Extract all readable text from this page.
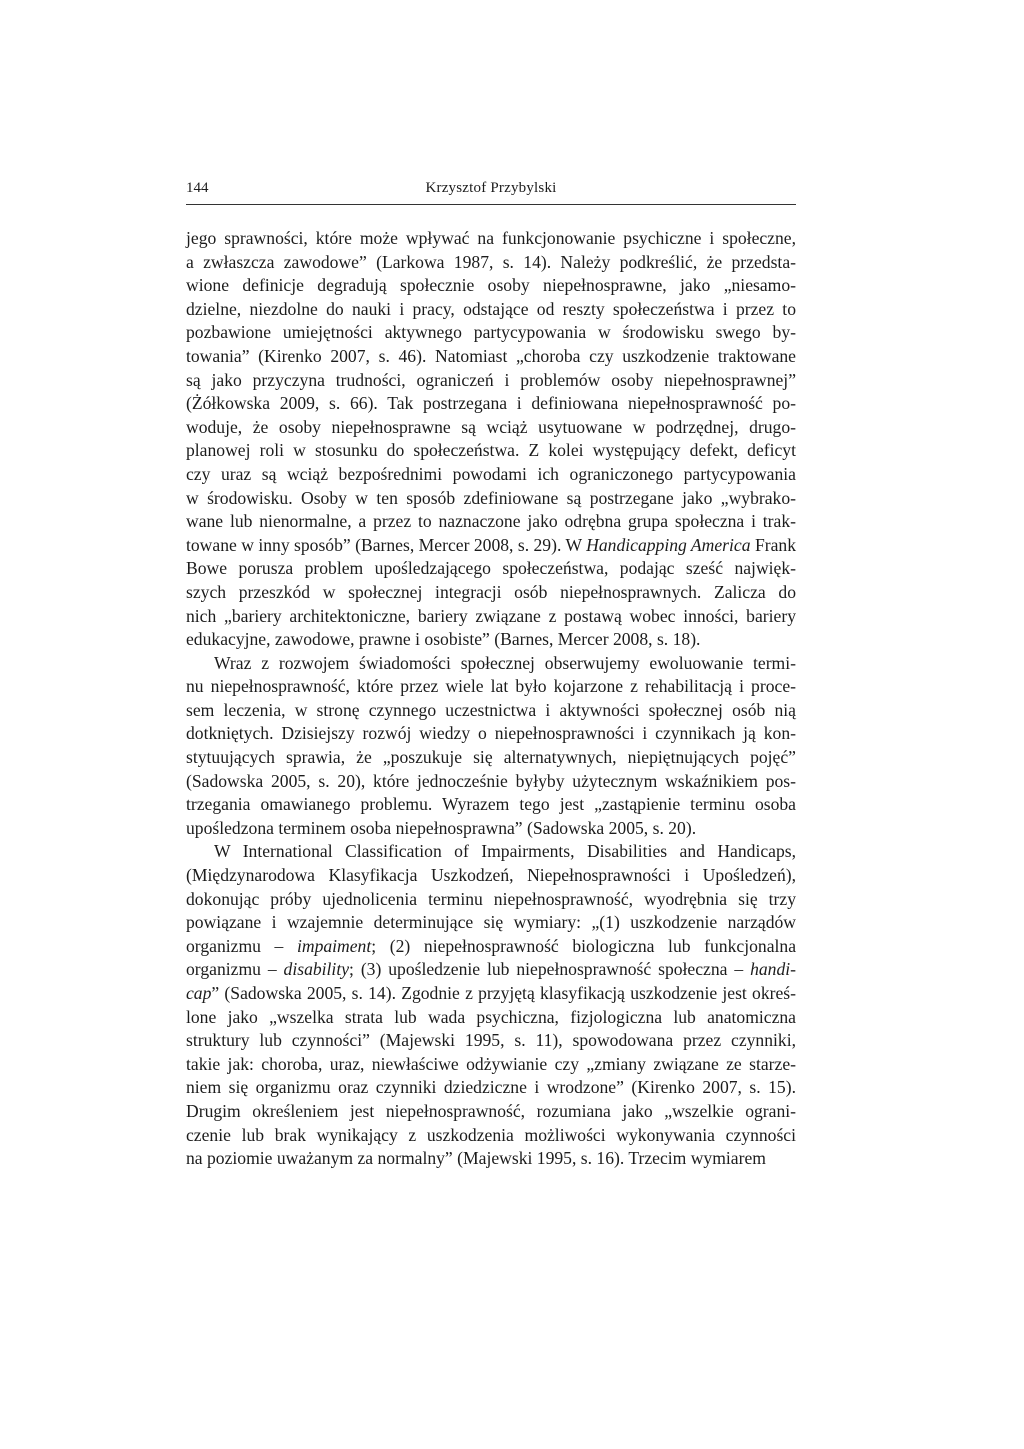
144	Krzysztof Przybylski
jego sprawności, które może wpływać na funkcjonowanie psychiczne i społeczne,
a zwłaszcza zawodowe” (Larkowa 1987, s. 14). Należy podkreślić, że przedsta-
wione definicje degradują społecznie osoby niepełnosprawne, jako „niesamo-
dzielne, niezdolne do nauki i pracy, odstające od reszty społeczeństwa i przez to
pozbawione umiejętności aktywnego partycypowania w środowisku swego by-
towania” (Kirenko 2007, s. 46). Natomiast „choroba czy uszkodzenie traktowane
są jako przyczyna trudności, ograniczeń i problemów osoby niepełnosprawnej”
(Żółkowska 2009, s. 66). Tak postrzegana i definiowana niepełnosprawność po-
woduje, że osoby niepełnosprawne są wciąż usytuowane w podrzędnej, drugo-
planowej roli w stosunku do społeczeństwa. Z kolei występujący defekt, deficyt
czy uraz są wciąż bezpośrednimi powodami ich ograniczonego partycypowania
w środowisku. Osoby w ten sposób zdefiniowane są postrzegane jako „wybrako-
wane lub nienormalne, a przez to naznaczone jako odrębna grupa społeczna i trak-
towane w inny sposób” (Barnes, Mercer 2008, s. 29). W Handicapping America Frank
Bowe porusza problem upośledzającego społeczeństwa, podając sześć najwięk-
szych przeszkód w społecznej integracji osób niepełnosprawnych. Zalicza do
nich „bariery architektoniczne, bariery związane z postawą wobec inności, bariery
edukacyjne, zawodowe, prawne i osobiste” (Barnes, Mercer 2008, s. 18).
Wraz z rozwojem świadomości społecznej obserwujemy ewoluowanie termi-
nu niepełnosprawność, które przez wiele lat było kojarzone z rehabilitacją i proce-
sem leczenia, w stronę czynnego uczestnictwa i aktywności społecznej osób nią
dotkniętych. Dzisiejszy rozwój wiedzy o niepełnosprawności i czynnikach ją kon-
stytuujących sprawia, że „poszukuje się alternatywnych, niepiętnujących pojęć”
(Sadowska 2005, s. 20), które jednocześnie byłyby użytecznym wskaźnikiem pos-
trzegania omawianego problemu. Wyrazem tego jest „zastąpienie terminu osoba
upośledzona terminem osoba niepełnosprawna” (Sadowska 2005, s. 20).
W International Classification of Impairments, Disabilities and Handicaps,
(Międzynarodowa Klasyfikacja Uszkodzeń, Niepełnosprawności i Upośledzeń),
dokonując próby ujednolicenia terminu niepełnosprawność, wyodrębnia się trzy
powiązane i wzajemnie determinujące się wymiary: „(1) uszkodzenie narządów
organizmu – impaiment; (2) niepełnosprawność biologiczna lub funkcjonalna
organizmu – disability; (3) upośledzenie lub niepełnosprawność społeczna – handi-
cap” (Sadowska 2005, s. 14). Zgodnie z przyjętą klasyfikacją uszkodzenie jest okreś-
lone jako „wszelka strata lub wada psychiczna, fizjologiczna lub anatomiczna
struktury lub czynności” (Majewski 1995, s. 11), spowodowana przez czynniki,
takie jak: choroba, uraz, niewłaściwe odżywianie czy „zmiany związane ze starze-
niem się organizmu oraz czynniki dziedziczne i wrodzone” (Kirenko 2007, s. 15).
Drugim określeniem jest niepełnosprawność, rozumiana jako „wszelkie ograni-
czenie lub brak wynikający z uszkodzenia możliwości wykonywania czynności
na poziomie uważanym za normalny” (Majewski 1995, s. 16). Trzecim wymiarem
